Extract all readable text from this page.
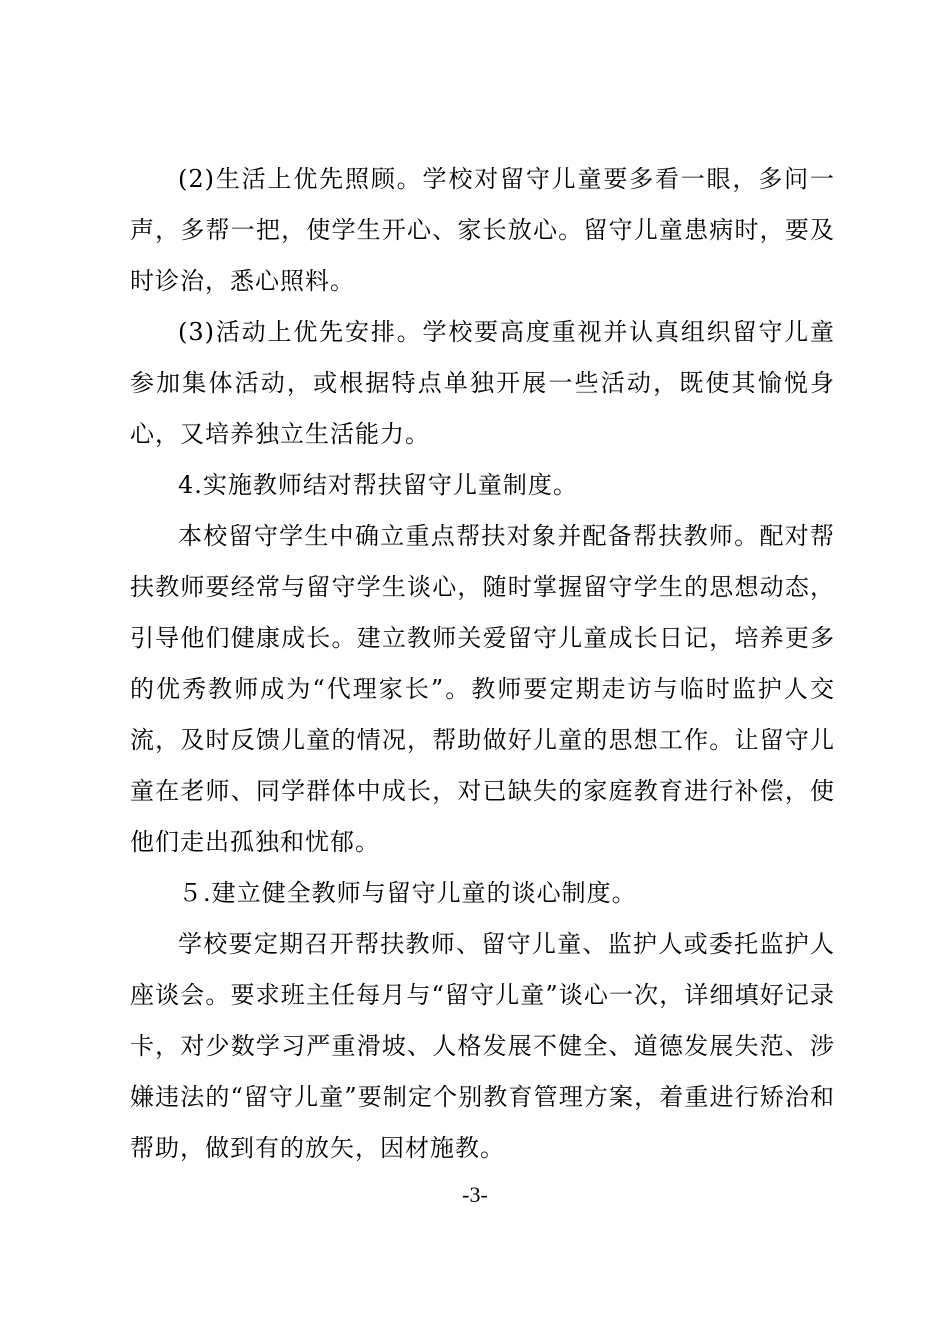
(2)生活上优先照顾。学校对留守儿童要多看一眼，多问一声，多帮一把，使学生开心、家长放心。留守儿童患病时，要及时诊治，悉心照料。

(3)活动上优先安排。学校要高度重视并认真组织留守儿童参加集体活动，或根据特点单独开展一些活动，既使其愉悦身心，又培养独立生活能力。

4.实施教师结对帮扶留守儿童制度。

本校留守学生中确立重点帮扶对象并配备帮扶教师。配对帮扶教师要经常与留守学生谈心，随时掌握留守学生的思想动态，引导他们健康成长。建立教师关爱留守儿童成长日记，培养更多的优秀教师成为“代理家长”。教师要定期走访与临时监护人交流，及时反馈儿童的情况，帮助做好儿童的思想工作。让留守儿童在老师、同学群体中成长，对已缺失的家庭教育进行补偿，使他们走出孤独和忧郁。

５.建立健全教师与留守儿童的谈心制度。

学校要定期召开帮扶教师、留守儿童、监护人或委托监护人座谈会。要求班主任每月与“留守儿童”谈心一次，详细填好记录卡，对少数学习严重滑坡、人格发展不健全、道德发展失范、涉嫌违法的“留守儿童”要制定个别教育管理方案，着重进行矫治和帮助，做到有的放矢，因材施教。

-3-
